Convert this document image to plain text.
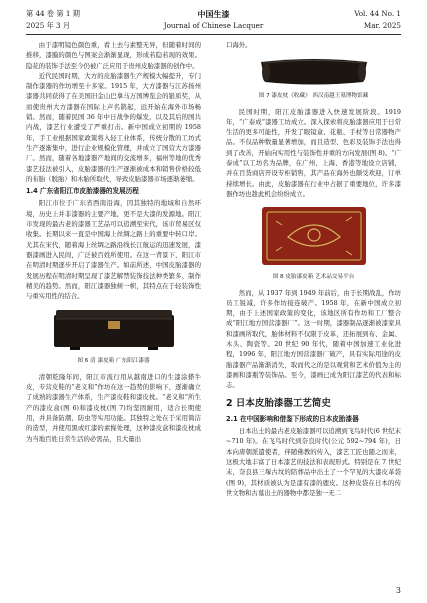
第 44 卷 第 1 期
2025 年 3 月
中国生漆
Journal of Chinese Lacquer
Vol. 44 No. 1
Mar. 2025

由于漆明镜色颜色重，看上去与素整无异，但随着时间的推移，漆膜的颜色与图案会渐渐显现，形成若隐若现的效果。隐花的装饰手法至今仍被广泛应用于贵州皮胎漆器的创作中。

近代民国时期，大方的皮胎漆器生产规模大幅提升，专门制作漆器的作坊增至十多家。1915 年，大方漆器与江苏扬州漆器共同获得了在美国旧金山巴拿马万国博览会的银质奖，从而使贵州大方漆器在国际上声名鹊起，远开始在海外市场畅销。然而，随着民国 36 年中日战争的爆发，以及其后的国共内战，漆艺行业遭受了严重打击。新中国成立初期的 1958 年，手工业根据国家政策将入轻工业体系，传统分散的工坊式生产逐渐集中，进行企业规模化管理，并成立了国营大方漆器厂。然而，随着各地漆器产地间的交流增多，福州等地的优秀漆艺技法被引入，皮胎漆器的生产逐渐被成本和销售价格较低的布胎（脱胎）和木胎所取代，导致皮胎漆器市场逐渐萎缩。

1.4 广东省阳江市皮胎漆器的发展历程

阳江市位于广东省西南沿海，因其独特的地域和自然环境，历史上并非漆器的主要产地，更不是大漆的发源地。阳江市发现的最古老的漆器工艺品可以追溯至宋代，该市贸易区仅收集。长期以来一直是中国海上丝绸之路上的重要中转口岸。尤其在宋代，随着海上丝绸之路沿线长江航运的迅速发展，漆器漆画进入民间，广泛被百姓所使用。在这一背景下，阳江市在明清时期逐步开启了漆器生产。如前所述，中国皮胎漆器的发展历程在明清时期呈现了漆艺解禁装饰技法种类繁多、制作精美的趋势。然而，阳江漆器独树一帜，其特点在于轻装饰性与重实用性的结合。

图 6 清 漆皮箱 广东阳江漆器

清朝乾隆年间，阳江市流行用从越南进口的生漆涂搽牛皮，专营皮鞋的“老义和”作坊在这一趋势的影响下，逐渐确立了成熟的漆器生产体系，生产漆皮鞋和漆皮枕。“老义和”所生产的漆皮盒(图 6)和漆皮枕(图 7)均坚固耐用，适合长期使用，并具备防潮、防虫等实用功能。其独特之处在于采用简洁的造型，并使用黑或红漆的素髹处理，这种漆皮盒和漆皮枕成为当地百姓日常生活的必需品，且大量出

口海外。

图 7 漆皮枕《收藏》 西汉南越王墓博物馆藏

民国时期，阳江皮胎漆器进入快速发展阶段。1919 年，“广泰成”漆器工坊成立。深入探索将皮胎漆器应用于日常生活的更多可能性，开发了眼镜盒、花瓶、手杖等日常器物产品。不仅品种数量显著增加，而且造型、色彩及装饰手法也得到了改善，开始向实用性与装饰性并重的方向发展(图 8)。“广泰成”以工坊名为品牌，在广州、上海、香港等地设立店铺，并在百货商店开设专柜销售，其产品在海外也颇受欢迎，订单持续增长。由此，皮胎漆器在行业中占据了重要地位，许多漆器作坊也趁此机会纷纷成立。

图 8 皮胎漆皮箱 艺术品交易平台

然而，从 1937 年到 1949 年前后，由于长期战乱，作坊员工锐减，许多作坊接连破产。1958 年，在新中国成立初期，由于上述国家政策的变化，该地区所有作坊和工厂整合成“阳江地方国营漆器厂”。这一时期，漆器制品逐渐被漆家具和漆画所取代，胎体材料不仅限于皮革，还拓展到布、金属、木头、陶瓷等。20 世纪 90 年代，随着中国加速工业化进程，1996 年，阳江地方国营漆器厂破产，具有实际用途的皮胎漆器产品渐渐消失，取而代之的是以观赏和艺术价值为主的漆画和漆瓶等装饰品。至今，漆画已成为阳江漆艺的代表和标志。

2 日本皮胎漆器工艺简史

2.1 在中国影响和借鉴下形成的日本皮胎漆器

日本出土的最古老皮胎漆器可以追溯到飞鸟时代(6 世纪末~710 年)。在飞鸟时代到奈良时代(公元 592~794 年)，日本向唐朝派遣使者，伴随佛教的传入，漆艺工匠也随之而来，这极大地丰富了日本漆艺的技法和表现形式。特别是在 7 世纪末，奈良县三塚古坟的陪葬品中出土了一个罕见的大漆皮革袋(图 9)，其材质被认为是漆有漆的鹿皮。这种皮袋在日本的传世文物和古墓出土的器物中都是独一无二

3
